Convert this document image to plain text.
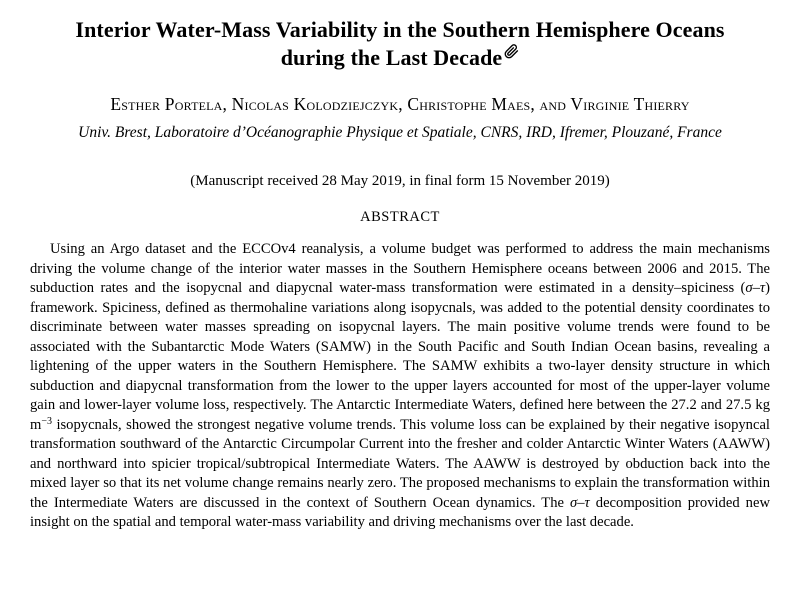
Interior Water-Mass Variability in the Southern Hemisphere Oceans
during the Last Decade
Esther Portela, Nicolas Kolodziejczyk, Christophe Maes, and Virginie Thierry
Univ. Brest, Laboratoire d’Océanographie Physique et Spatiale, CNRS, IRD, Ifremer, Plouzané, France
(Manuscript received 28 May 2019, in final form 15 November 2019)
ABSTRACT

Using an Argo dataset and the ECCOv4 reanalysis, a volume budget was performed to address the main mechanisms driving the volume change of the interior water masses in the Southern Hemisphere oceans between 2006 and 2015. The subduction rates and the isopycnal and diapycnal water-mass transformation were estimated in a density–spiciness (σ–τ) framework. Spiciness, defined as thermohaline variations along isopycnals, was added to the potential density coordinates to discriminate between water masses spreading on isopycnal layers. The main positive volume trends were found to be associated with the Subantarctic Mode Waters (SAMW) in the South Pacific and South Indian Ocean basins, revealing a lightening of the upper waters in the Southern Hemisphere. The SAMW exhibits a two-layer density structure in which subduction and diapycnal transformation from the lower to the upper layers accounted for most of the upper-layer volume gain and lower-layer volume loss, respectively. The Antarctic Intermediate Waters, defined here between the 27.2 and 27.5 kg $m^{-3}$ isopycnals, showed the strongest negative volume trends. This volume loss can be explained by their negative isopyncal transformation southward of the Antarctic Circumpolar Current into the fresher and colder Antarctic Winter Waters (AAWW) and northward into spicier tropical/subtropical Intermediate Waters. The AAWW is destroyed by obduction back into the mixed layer so that its net volume change remains nearly zero. The proposed mechanisms to explain the transformation within the Intermediate Waters are discussed in the context of Southern Ocean dynamics. The σ–τ decomposition provided new insight on the spatial and temporal water-mass variability and driving mechanisms over the last decade.
